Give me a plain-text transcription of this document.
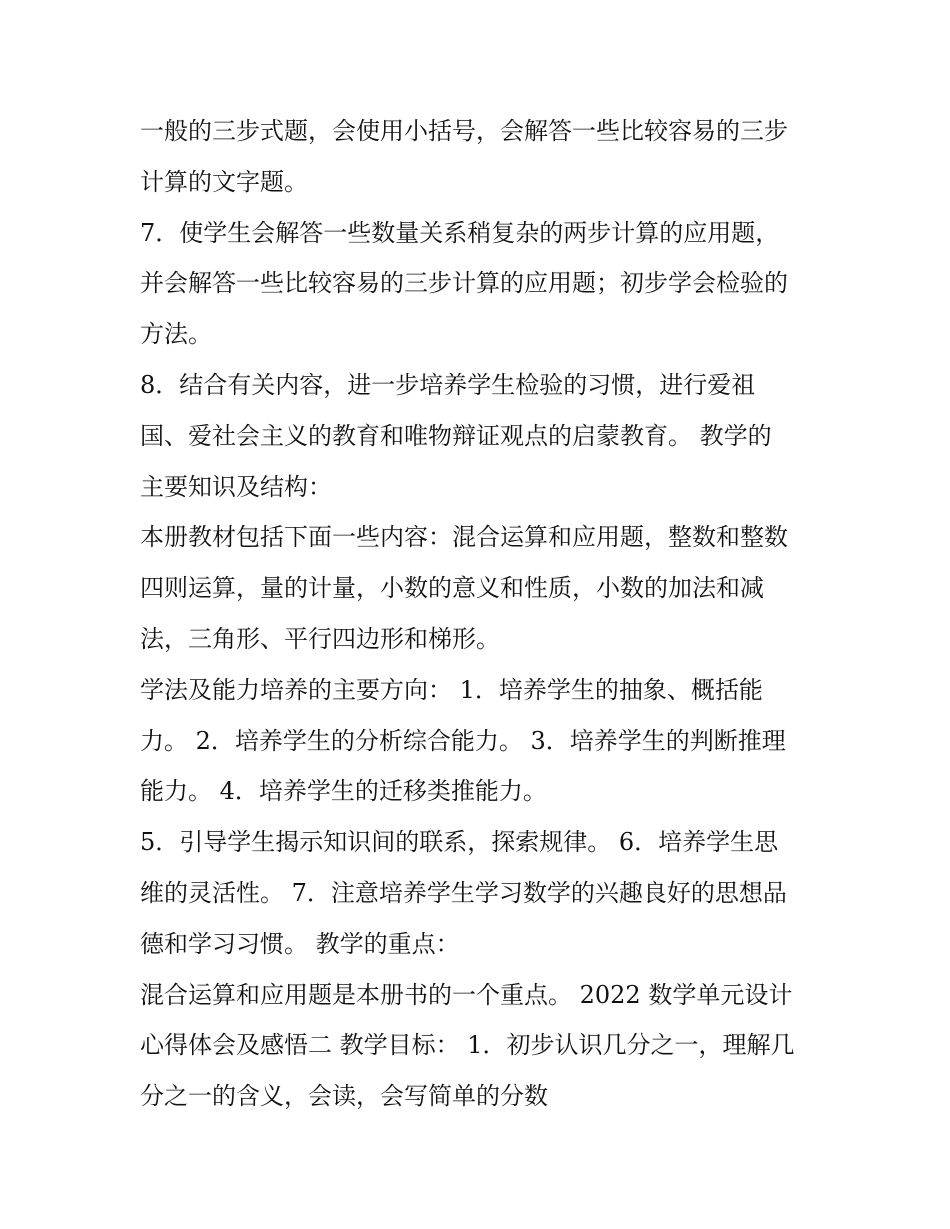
一般的三步式题，会使用小括号，会解答一些比较容易的三步
计算的文字题。
7．使学生会解答一些数量关系稍复杂的两步计算的应用题，
并会解答一些比较容易的三步计算的应用题；初步学会检验的
方法。
8．结合有关内容，进一步培养学生检验的习惯，进行爱祖
国、爱社会主义的教育和唯物辩证观点的启蒙教育。 教学的
主要知识及结构：
本册教材包括下面一些内容：混合运算和应用题，整数和整数
四则运算，量的计量，小数的意义和性质，小数的加法和减
法，三角形、平行四边形和梯形。
学法及能力培养的主要方向： 1．培养学生的抽象、概括能
力。 2．培养学生的分析综合能力。 3．培养学生的判断推理
能力。 4．培养学生的迁移类推能力。
5．引导学生揭示知识间的联系，探索规律。 6．培养学生思
维的灵活性。 7．注意培养学生学习数学的兴趣良好的思想品
德和学习习惯。 教学的重点：
混合运算和应用题是本册书的一个重点。 2022 数学单元设计
心得体会及感悟二 教学目标： 1．初步认识几分之一，理解几
分之一的含义，会读，会写简单的分数
